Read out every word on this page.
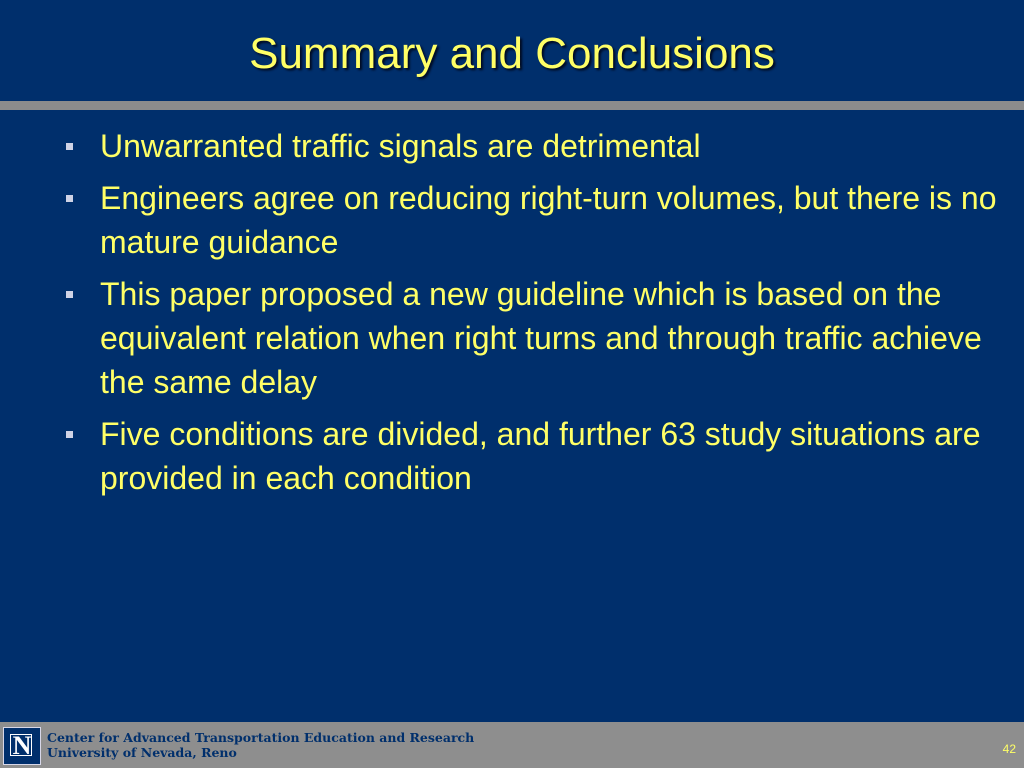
Summary and Conclusions
Unwarranted traffic signals are detrimental
Engineers agree on reducing right-turn volumes, but there is no mature guidance
This paper proposed a new guideline which is based on the equivalent relation when right turns and through traffic achieve the same delay
Five conditions are divided, and further 63 study situations are provided in each condition
N	Center for Advanced Transportation Education and Research
University of Nevada, Reno	42
